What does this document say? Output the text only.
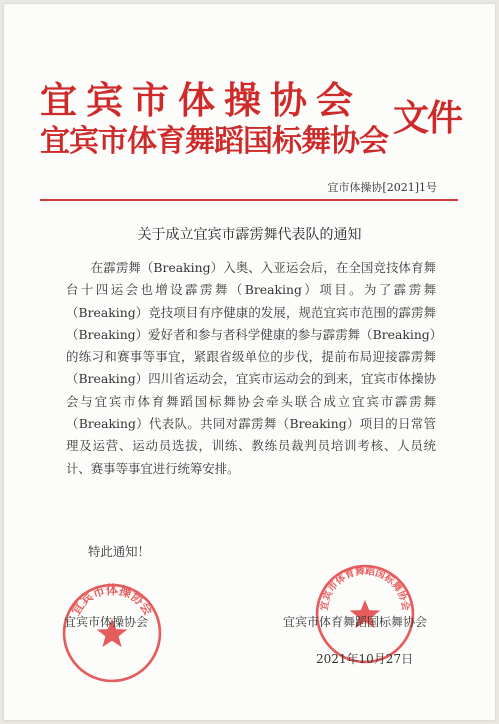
宜宾市体操协会
宜宾市体育舞蹈国标舞协会
文件
宜市体操协[2021]1号
关于成立宜宾市霹雳舞代表队的通知

在霹雳舞（Breaking）入奥、入亚运会后，在全国竞技体育舞台十四运会也增设霹雳舞（Breaking）项目。为了霹雳舞（Breaking）竞技项目有序健康的发展，规范宜宾市范围的霹雳舞（Breaking）爱好者和参与者科学健康的参与霹雳舞（Breaking）的练习和赛事等事宜，紧跟省级单位的步伐，提前布局迎接霹雳舞（Breaking）四川省运动会，宜宾市运动会的到来，宜宾市体操协会与宜宾市体育舞蹈国标舞协会牵头联合成立宜宾市霹雳舞（Breaking）代表队。共同对霹雳舞（Breaking）项目的日常管理及运营、运动员选拔，训练、教练员裁判员培训考核、人员统计、赛事等事宜进行统筹安排。

特此通知！
宜宾市体操协会	宜宾市体育舞蹈国标舞协会
宜宾市体操协会	宜宾市体育舞蹈国标舞协会
2021年10月27日
